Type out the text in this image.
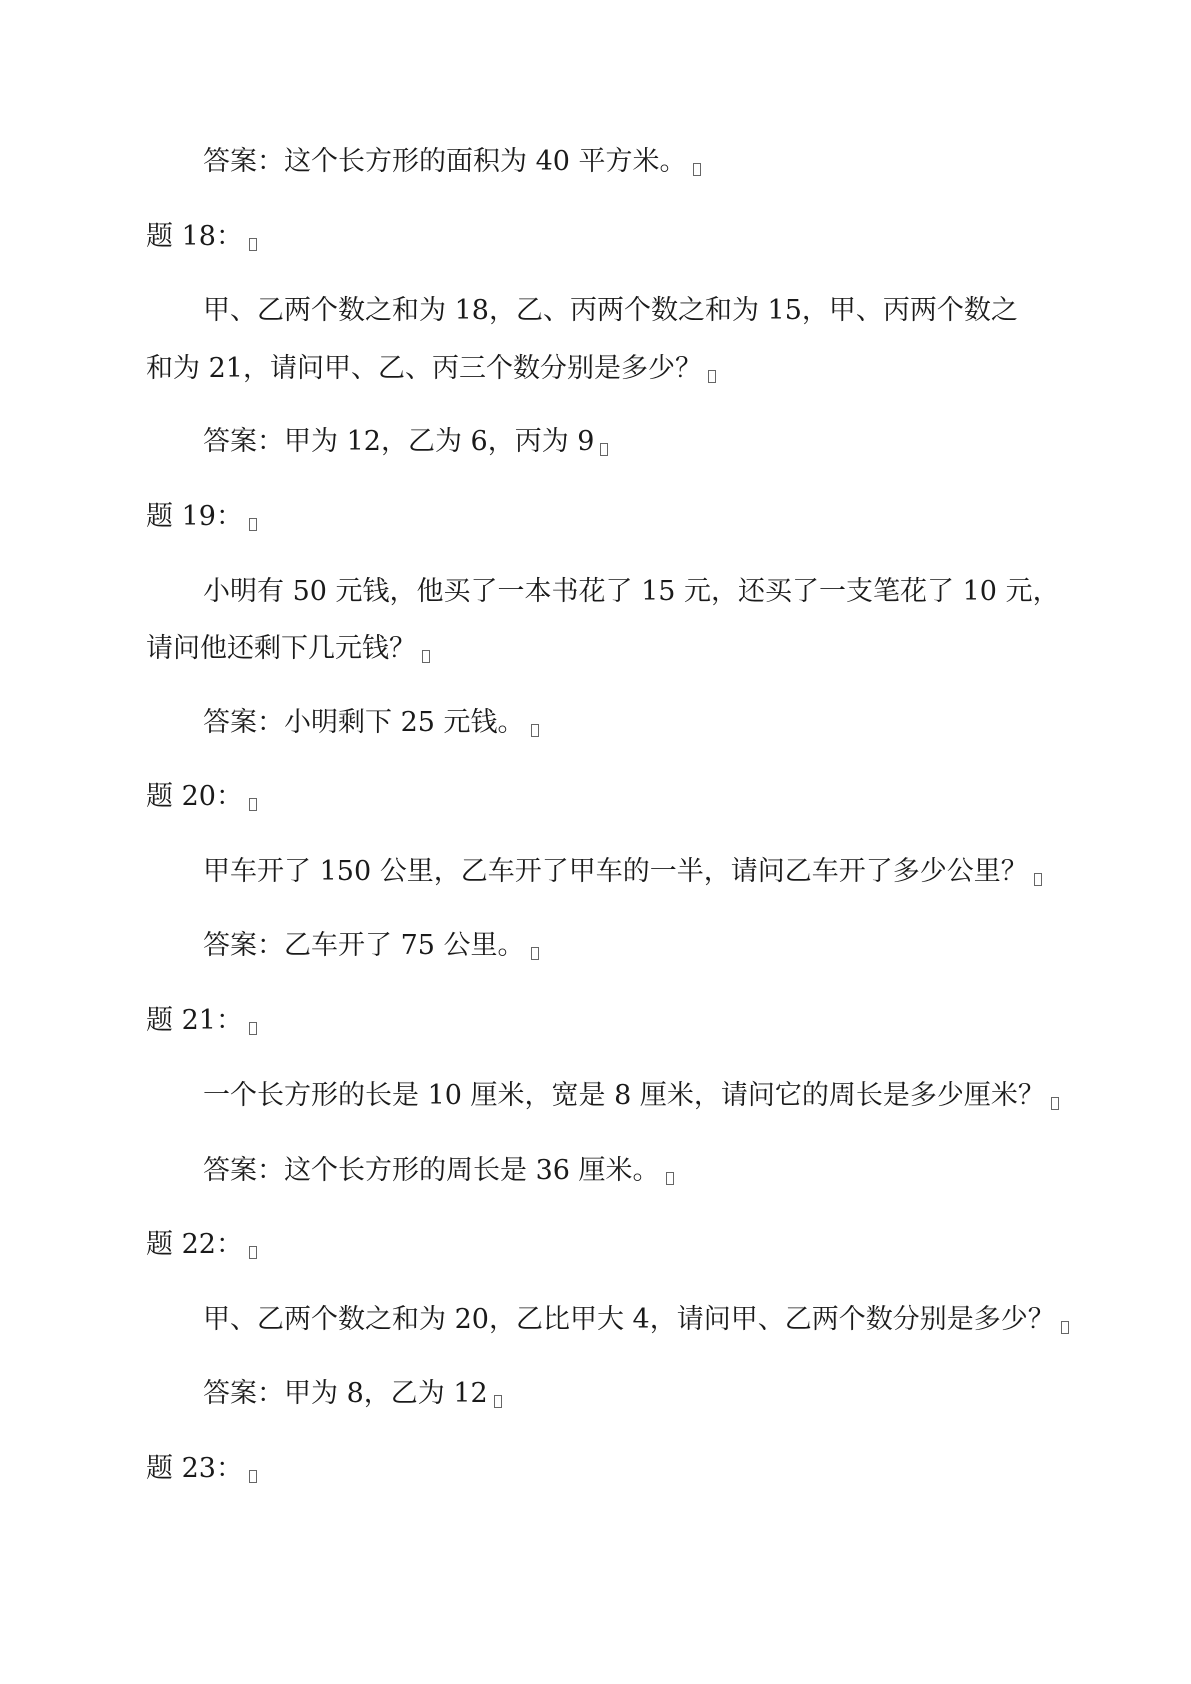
答案：这个长方形的面积为 40 平方米。
题 18：
甲、乙两个数之和为 18，乙、丙两个数之和为 15，甲、丙两个数之
和为 21，请问甲、乙、丙三个数分别是多少？
答案：甲为 12，乙为 6，丙为 9
题 19：
小明有 50 元钱，他买了一本书花了 15 元，还买了一支笔花了 10 元，
请问他还剩下几元钱？
答案：小明剩下 25 元钱。
题 20：
甲车开了 150 公里，乙车开了甲车的一半，请问乙车开了多少公里？
答案：乙车开了 75 公里。
题 21：
一个长方形的长是 10 厘米，宽是 8 厘米，请问它的周长是多少厘米？
答案：这个长方形的周长是 36 厘米。
题 22：
甲、乙两个数之和为 20，乙比甲大 4，请问甲、乙两个数分别是多少？
答案：甲为 8，乙为 12
题 23：
